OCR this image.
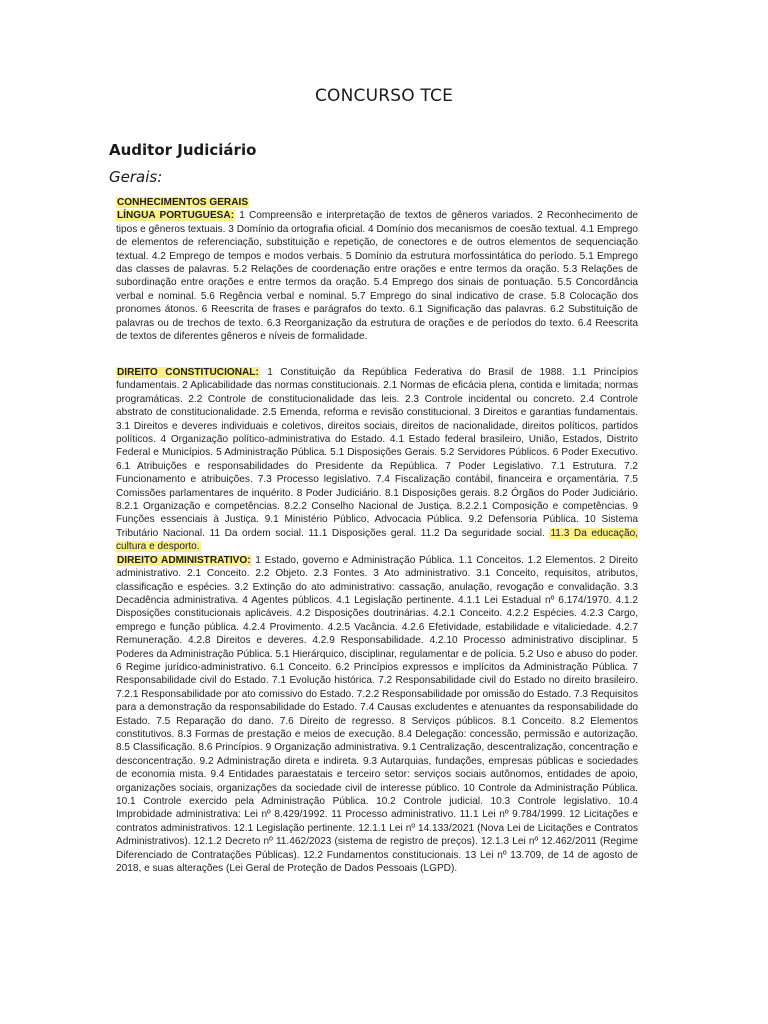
CONCURSO TCE
Auditor Judiciário
Gerais:

CONHECIMENTOS GERAIS

LÍNGUA PORTUGUESA: 1 Compreensão e interpretação de textos de gêneros variados. 2 Reconhecimento de tipos e gêneros textuais. 3 Domínio da ortografia oficial. 4 Domínio dos mecanismos de coesão textual. 4.1 Emprego de elementos de referenciação, substituição e repetição, de conectores e de outros elementos de sequenciação textual. 4.2 Emprego de tempos e modos verbais. 5 Domínio da estrutura morfossintática do período. 5.1 Emprego das classes de palavras. 5.2 Relações de coordenação entre orações e entre termos da oração. 5.3 Relações de subordinação entre orações e entre termos da oração. 5.4 Emprego dos sinais de pontuação. 5.5 Concordância verbal e nominal. 5.6 Regência verbal e nominal. 5.7 Emprego do sinal indicativo de crase. 5.8 Colocação dos pronomes átonos. 6 Reescrita de frases e parágrafos do texto. 6.1 Significação das palavras. 6.2 Substituição de palavras ou de trechos de texto. 6.3 Reorganização da estrutura de orações e de períodos do texto. 6.4 Reescrita de textos de diferentes gêneros e níveis de formalidade.

DIREITO CONSTITUCIONAL: 1 Constituição da República Federativa do Brasil de 1988. 1.1 Princípios fundamentais. 2 Aplicabilidade das normas constitucionais. 2.1 Normas de eficácia plena, contida e limitada; normas programáticas. 2.2 Controle de constitucionalidade das leis. 2.3 Controle incidental ou concreto. 2.4 Controle abstrato de constitucionalidade. 2.5 Emenda, reforma e revisão constitucional. 3 Direitos e garantias fundamentais. 3.1 Direitos e deveres individuais e coletivos, direitos sociais, direitos de nacionalidade, direitos políticos, partidos políticos. 4 Organização político-administrativa do Estado. 4.1 Estado federal brasileiro, União, Estados, Distrito Federal e Municípios. 5 Administração Pública. 5.1 Disposições Gerais. 5.2 Servidores Públicos. 6 Poder Executivo. 6.1 Atribuições e responsabilidades do Presidente da República. 7 Poder Legislativo. 7.1 Estrutura. 7.2 Funcionamento e atribuições. 7.3 Processo legislativo. 7.4 Fiscalização contábil, financeira e orçamentária. 7.5 Comissões parlamentares de inquérito. 8 Poder Judiciário. 8.1 Disposições gerais. 8.2 Órgãos do Poder Judiciário. 8.2.1 Organização e competências. 8.2.2 Conselho Nacional de Justiça. 8.2.2.1 Composição e competências. 9 Funções essenciais à Justiça. 9.1 Ministério Público, Advocacia Pública. 9.2 Defensoria Pública. 10 Sistema Tributário Nacional. 11 Da ordem social. 11.1 Disposições geral. 11.2 Da seguridade social. 11.3 Da educação, cultura e desporto.

DIREITO ADMINISTRATIVO: 1 Estado, governo e Administração Pública. 1.1 Conceitos. 1.2 Elementos. 2 Direito administrativo. 2.1 Conceito. 2.2 Objeto. 2.3 Fontes. 3 Ato administrativo. 3.1 Conceito, requisitos, atributos, classificação e espécies. 3.2 Extinção do ato administrativo: cassação, anulação, revogação e convalidação. 3.3 Decadência administrativa. 4 Agentes públicos. 4.1 Legislação pertinente. 4.1.1 Lei Estadual nº 6.174/1970. 4.1.2 Disposições constitucionais aplicáveis. 4.2 Disposições doutrinárias. 4.2.1 Conceito. 4.2.2 Espécies. 4.2.3 Cargo, emprego e função pública. 4.2.4 Provimento. 4.2.5 Vacância. 4.2.6 Efetividade, estabilidade e vitaliciedade. 4.2.7 Remuneração. 4.2.8 Direitos e deveres. 4.2.9 Responsabilidade. 4.2.10 Processo administrativo disciplinar. 5 Poderes da Administração Pública. 5.1 Hierárquico, disciplinar, regulamentar e de polícia. 5.2 Uso e abuso do poder. 6 Regime jurídico-administrativo. 6.1 Conceito. 6.2 Princípios expressos e implícitos da Administração Pública. 7 Responsabilidade civil do Estado. 7.1 Evolução histórica. 7.2 Responsabilidade civil do Estado no direito brasileiro. 7.2.1 Responsabilidade por ato comissivo do Estado. 7.2.2 Responsabilidade por omissão do Estado. 7.3 Requisitos para a demonstração da responsabilidade do Estado. 7.4 Causas excludentes e atenuantes da responsabilidade do Estado. 7.5 Reparação do dano. 7.6 Direito de regresso. 8 Serviços públicos. 8.1 Conceito. 8.2 Elementos constitutivos. 8.3 Formas de prestação e meios de execução. 8.4 Delegação: concessão, permissão e autorização. 8.5 Classificação. 8.6 Princípios. 9 Organização administrativa. 9.1 Centralização, descentralização, concentração e desconcentração. 9.2 Administração direta e indireta. 9.3 Autarquias, fundações, empresas públicas e sociedades de economia mista. 9.4 Entidades paraestatais e terceiro setor: serviços sociais autônomos, entidades de apoio, organizações sociais, organizações da sociedade civil de interesse público. 10 Controle da Administração Pública. 10.1 Controle exercido pela Administração Pública. 10.2 Controle judicial. 10.3 Controle legislativo. 10.4 Improbidade administrativa: Lei nº 8.429/1992. 11 Processo administrativo. 11.1 Lei nº 9.784/1999. 12 Licitações e contratos administrativos. 12.1 Legislação pertinente. 12.1.1 Lei nº 14.133/2021 (Nova Lei de Licitações e Contratos Administrativos). 12.1.2 Decreto nº 11.462/2023 (sistema de registro de preços). 12.1.3 Lei nº 12.462/2011 (Regime Diferenciado de Contratações Públicas). 12.2 Fundamentos constitucionais. 13 Lei nº 13.709, de 14 de agosto de 2018, e suas alterações (Lei Geral de Proteção de Dados Pessoais (LGPD).
